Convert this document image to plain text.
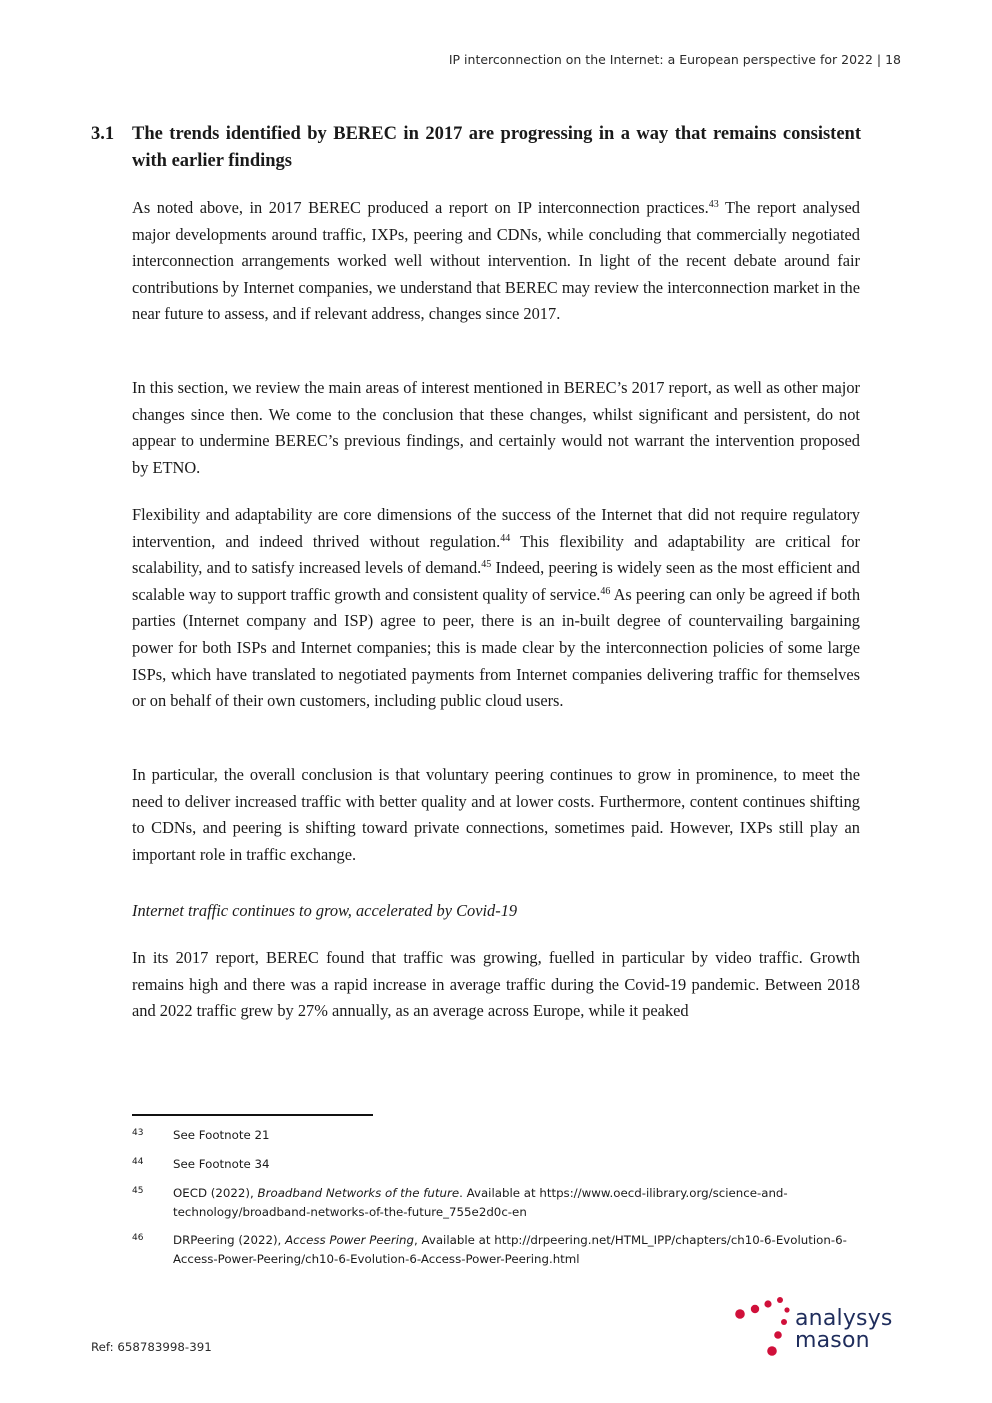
IP interconnection on the Internet: a European perspective for 2022 | 18
3.1 The trends identified by BEREC in 2017 are progressing in a way that remains consistent with earlier findings

As noted above, in 2017 BEREC produced a report on IP interconnection practices.$^{43}$ The report analysed major developments around traffic, IXPs, peering and CDNs, while concluding that commercially negotiated interconnection arrangements worked well without intervention. In light of the recent debate around fair contributions by Internet companies, we understand that BEREC may review the interconnection market in the near future to assess, and if relevant address, changes since 2017.

In this section, we review the main areas of interest mentioned in BEREC’s 2017 report, as well as other major changes since then. We come to the conclusion that these changes, whilst significant and persistent, do not appear to undermine BEREC’s previous findings, and certainly would not warrant the intervention proposed by ETNO.

Flexibility and adaptability are core dimensions of the success of the Internet that did not require regulatory intervention, and indeed thrived without regulation.$^{44}$ This flexibility and adaptability are critical for scalability, and to satisfy increased levels of demand.$^{45}$ Indeed, peering is widely seen as the most efficient and scalable way to support traffic growth and consistent quality of service.$^{46}$ As peering can only be agreed if both parties (Internet company and ISP) agree to peer, there is an in-built degree of countervailing bargaining power for both ISPs and Internet companies; this is made clear by the interconnection policies of some large ISPs, which have translated to negotiated payments from Internet companies delivering traffic for themselves or on behalf of their own customers, including public cloud users.

In particular, the overall conclusion is that voluntary peering continues to grow in prominence, to meet the need to deliver increased traffic with better quality and at lower costs. Furthermore, content continues shifting to CDNs, and peering is shifting toward private connections, sometimes paid. However, IXPs still play an important role in traffic exchange.

Internet traffic continues to grow, accelerated by Covid-19

In its 2017 report, BEREC found that traffic was growing, fuelled in particular by video traffic. Growth remains high and there was a rapid increase in average traffic during the Covid-19 pandemic. Between 2018 and 2022 traffic grew by 27% annually, as an average across Europe, while it peaked

43	See Footnote 21
44	See Footnote 34
45	OECD (2022), Broadband Networks of the future. Available at https://www.oecd-ilibrary.org/science-and-technology/broadband-networks-of-the-future_755e2d0c-en
46	DRPeering (2022), Access Power Peering, Available at http://drpeering.net/HTML_IPP/chapters/ch10-6-Evolution-6-Access-Power-Peering/ch10-6-Evolution-6-Access-Power-Peering.html
Ref: 658783998-391
analysys
mason
